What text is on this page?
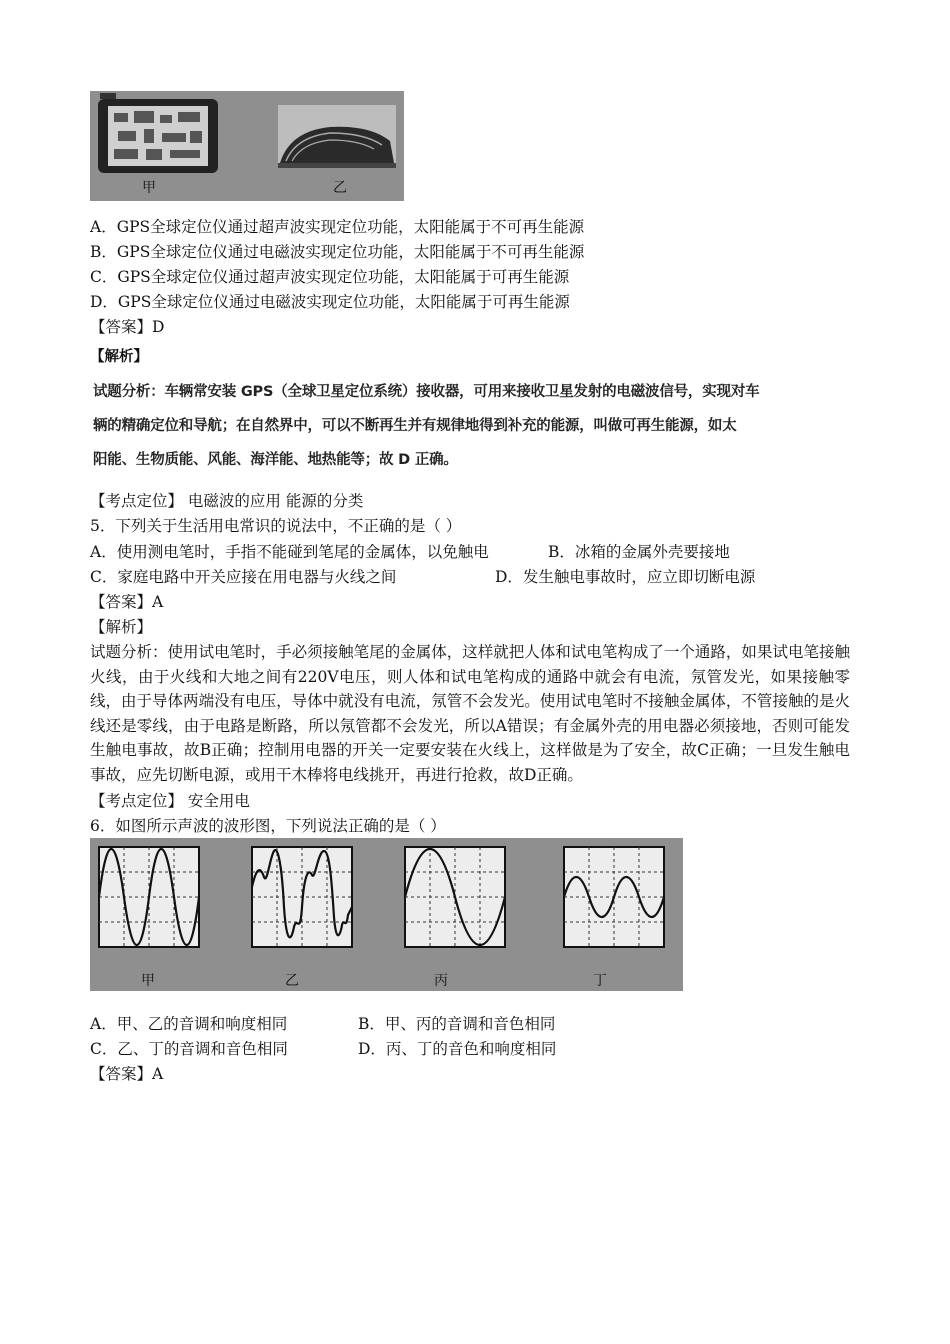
甲	乙
A．GPS全球定位仪通过超声波实现定位功能，太阳能属于不可再生能源
B．GPS全球定位仪通过电磁波实现定位功能，太阳能属于不可再生能源
C．GPS全球定位仪通过超声波实现定位功能，太阳能属于可再生能源
D．GPS全球定位仪通过电磁波实现定位功能，太阳能属于可再生能源
【答案】D
【解析】
试题分析：车辆常安装 GPS（全球卫星定位系统）接收器，可用来接收卫星发射的电磁波信号，实现对车
辆的精确定位和导航；在自然界中，可以不断再生并有规律地得到补充的能源，叫做可再生能源，如太
阳能、生物质能、风能、海洋能、地热能等；故 D 正确。
【考点定位】 电磁波的应用 能源的分类
5．下列关于生活用电常识的说法中，不正确的是（ ）
A．使用测电笔时，手指不能碰到笔尾的金属体，以免触电	B．冰箱的金属外壳要接地
C．家庭电路中开关应接在用电器与火线之间	D．发生触电事故时，应立即切断电源
【答案】A
【解析】
试题分析：使用试电笔时，手必须接触笔尾的金属体，这样就把人体和试电笔构成了一个通路，如果试电笔接触火线，由于火线和大地之间有220V电压，则人体和试电笔构成的通路中就会有电流，氖管发光，如果接触零线，由于导体两端没有电压，导体中就没有电流，氖管不会发光。使用试电笔时不接触金属体，不管接触的是火线还是零线，由于电路是断路，所以氖管都不会发光，所以A错误；有金属外壳的用电器必须接地，否则可能发生触电事故，故B正确；控制用电器的开关一定要安装在火线上，这样做是为了安全，故C正确；一旦发生触电事故，应先切断电源，或用干木棒将电线挑开，再进行抢救，故D正确。
【考点定位】 安全用电
6．如图所示声波的波形图，下列说法正确的是（ ）
甲	乙	丙	丁
A．甲、乙的音调和响度相同	B．甲、丙的音调和音色相同
C．乙、丁的音调和音色相同	D．丙、丁的音色和响度相同
【答案】A
